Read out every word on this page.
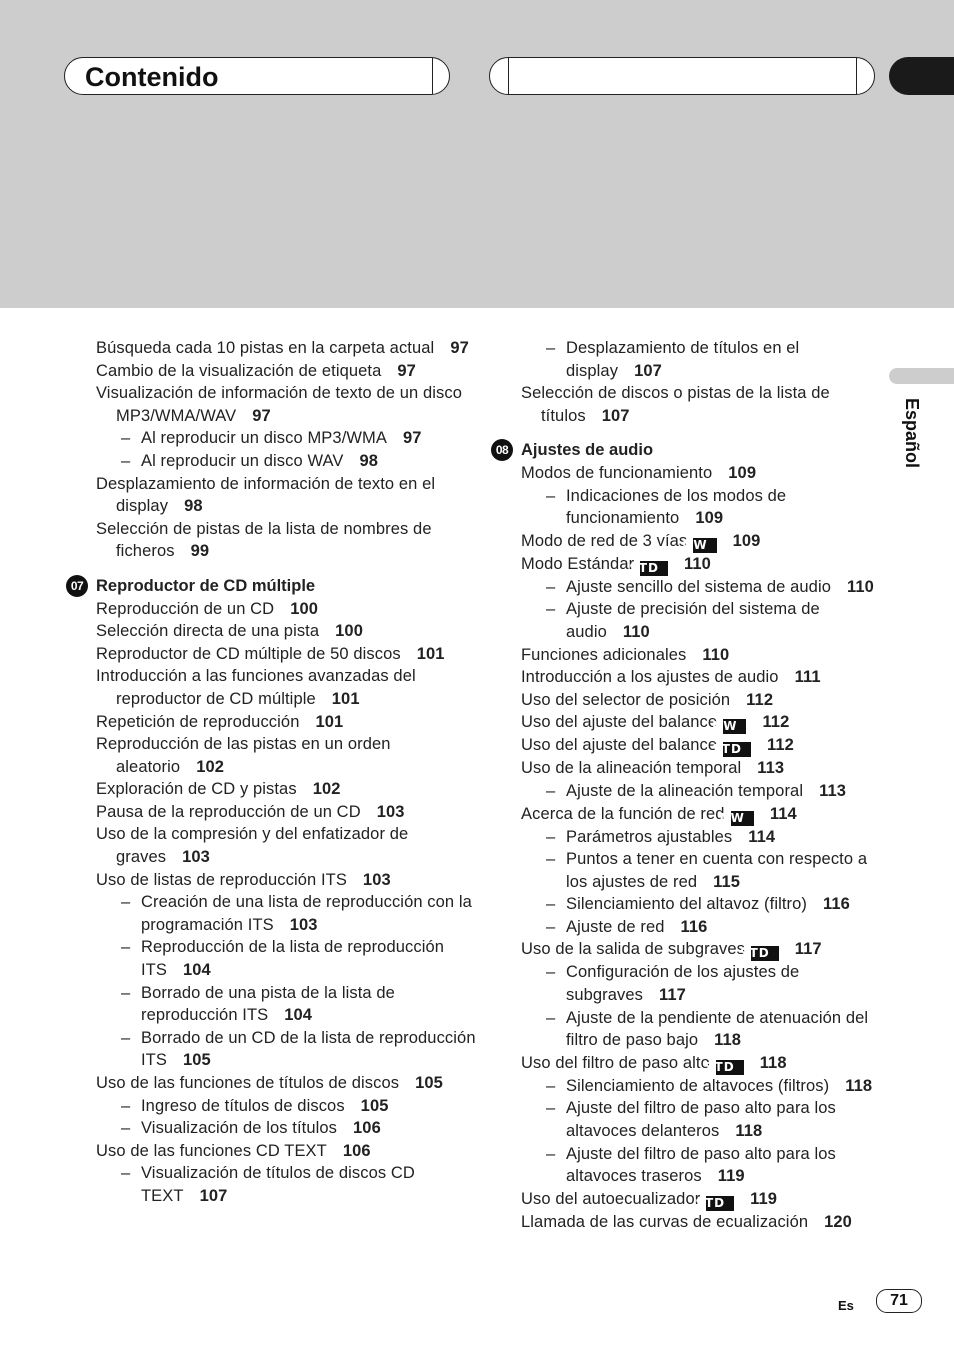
Contenido
Búsqueda cada 10 pistas en la carpeta actual 97
Cambio de la visualización de etiqueta 97
Visualización de información de texto de un disco MP3/WMA/WAV 97
– Al reproducir un disco MP3/WMA 97
– Al reproducir un disco WAV 98
Desplazamiento de información de texto en el display 98
Selección de pistas de la lista de nombres de ficheros 99
07 Reproductor de CD múltiple
Reproducción de un CD 100
Selección directa de una pista 100
Reproductor de CD múltiple de 50 discos 101
Introducción a las funciones avanzadas del reproductor de CD múltiple 101
Repetición de reproducción 101
Reproducción de las pistas en un orden aleatorio 102
Exploración de CD y pistas 102
Pausa de la reproducción de un CD 103
Uso de la compresión y del enfatizador de graves 103
Uso de listas de reproducción ITS 103
– Creación de una lista de reproducción con la programación ITS 103
– Reproducción de la lista de reproducción ITS 104
– Borrado de una pista de la lista de reproducción ITS 104
– Borrado de un CD de la lista de reproducción ITS 105
Uso de las funciones de títulos de discos 105
– Ingreso de títulos de discos 105
– Visualización de los títulos 106
Uso de las funciones CD TEXT 106
– Visualización de títulos de discos CD TEXT 107
– Desplazamiento de títulos en el display 107
Selección de discos o pistas de la lista de títulos 107
08 Ajustes de audio
Modos de funcionamiento 109
– Indicaciones de los modos de funcionamiento 109
Modo de red de 3 víasNW 109
Modo EstándarSTD 110
– Ajuste sencillo del sistema de audio 110
– Ajuste de precisión del sistema de audio 110
Funciones adicionales 110
Introducción a los ajustes de audio 111
Uso del selector de posición 112
Uso del ajuste del balanceNW 112
Uso del ajuste del balanceSTD 112
Uso de la alineación temporal 113
– Ajuste de la alineación temporal 113
Acerca de la función de redNW 114
– Parámetros ajustables 114
– Puntos a tener en cuenta con respecto a los ajustes de red 115
– Silenciamiento del altavoz (filtro) 116
– Ajuste de red 116
Uso de la salida de subgravesSTD 117
– Configuración de los ajustes de subgraves 117
– Ajuste de la pendiente de atenuación del filtro de paso bajo 118
Uso del filtro de paso altoSTD 118
– Silenciamiento de altavoces (filtros) 118
– Ajuste del filtro de paso alto para los altavoces delanteros 118
– Ajuste del filtro de paso alto para los altavoces traseros 119
Uso del autoecualizadorSTD 119
Llamada de las curvas de ecualización 120
Español
Es	71
